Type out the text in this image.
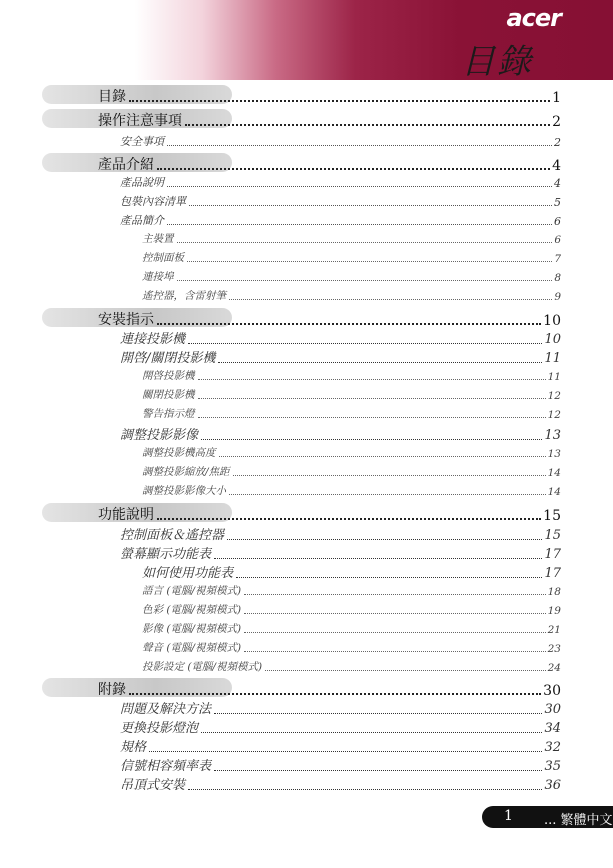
acer
目錄
目錄	1
操作注意事項	2
安全事項	2
產品介紹	4
產品說明	4
包裝內容清單	5
產品簡介	6
主裝置	6
控制面板	7
連接埠	8
遙控器，含雷射筆	9
安裝指示	10
連接投影機	10
開啓/關閉投影機	11
開啓投影機	11
關閉投影機	12
警告指示燈	12
調整投影影像	13
調整投影機高度	13
調整投影縮放/焦距	14
調整投影影像大小	14
功能說明	15
控制面板＆遙控器	15
螢幕顯示功能表	17
如何使用功能表	17
語言 (電腦/視頻模式)	18
色彩 (電腦/視頻模式)	19
影像 (電腦/視頻模式)	21
聲音 (電腦/視頻模式)	23
投影設定 (電腦/視頻模式)	24
附錄	30
問題及解決方法	30
更換投影燈泡	34
規格	32
信號相容頻率表	35
吊頂式安裝	36
1 ... 繁體中文
